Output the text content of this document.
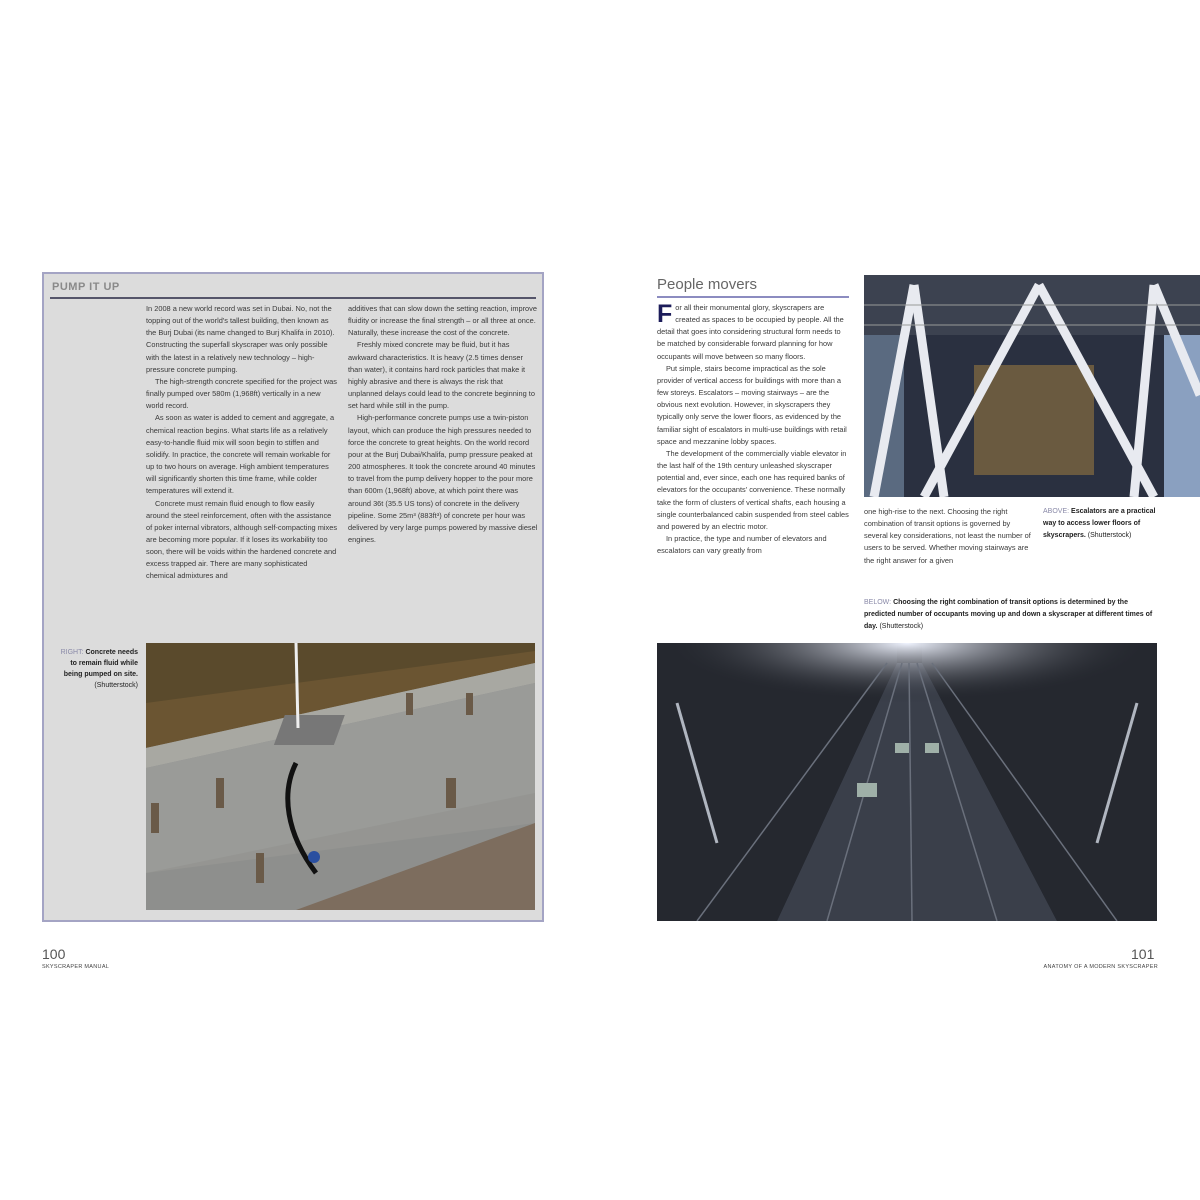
PUMP IT UP

In 2008 a new world record was set in Dubai. No, not the topping out of the world's tallest building, then known as the Burj Dubai (its name changed to Burj Khalifa in 2010). Constructing the superfall skyscraper was only possible with the latest in a relatively new technology – high-pressure concrete pumping.

The high-strength concrete specified for the project was finally pumped over 580m (1,968ft) vertically in a new world record.

As soon as water is added to cement and aggregate, a chemical reaction begins. What starts life as a relatively easy-to-handle fluid mix will soon begin to stiffen and solidify. In practice, the concrete will remain workable for up to two hours on average. High ambient temperatures will significantly shorten this time frame, while colder temperatures will extend it.

Concrete must remain fluid enough to flow easily around the steel reinforcement, often with the assistance of poker internal vibrators, although self-compacting mixes are becoming more popular. If it loses its workability too soon, there will be voids within the hardened concrete and excess trapped air. There are many sophisticated chemical admixtures and

additives that can slow down the setting reaction, improve fluidity or increase the final strength – or all three at once. Naturally, these increase the cost of the concrete.

Freshly mixed concrete may be fluid, but it has awkward characteristics. It is heavy (2.5 times denser than water), it contains hard rock particles that make it highly abrasive and there is always the risk that unplanned delays could lead to the concrete beginning to set hard while still in the pump.

High-performance concrete pumps use a twin-piston layout, which can produce the high pressures needed to force the concrete to great heights. On the world record pour at the Burj Dubai/Khalifa, pump pressure peaked at 200 atmospheres. It took the concrete around 40 minutes to travel from the pump delivery hopper to the pour more than 600m (1,968ft) above, at which point there was around 36t (35.5 US tons) of concrete in the delivery pipeline. Some 25m³ (883ft³) of concrete per hour was delivered by very large pumps powered by massive diesel engines.

RIGHT: Concrete needs to remain fluid while being pumped on site. (Shutterstock)
People movers

For all their monumental glory, skyscrapers are created as spaces to be occupied by people. All the detail that goes into considering structural form needs to be matched by considerable forward planning for how occupants will move between so many floors.

Put simple, stairs become impractical as the sole provider of vertical access for buildings with more than a few storeys. Escalators – moving stairways – are the obvious next evolution. However, in skyscrapers they typically only serve the lower floors, as evidenced by the familiar sight of escalators in multi-use buildings with retail space and mezzanine lobby spaces.

The development of the commercially viable elevator in the last half of the 19th century unleashed skyscraper potential and, ever since, each one has required banks of elevators for the occupants' convenience. These normally take the form of clusters of vertical shafts, each housing a single counterbalanced cabin suspended from steel cables and powered by an electric motor.

In practice, the type and number of elevators and escalators can vary greatly from

one high-rise to the next. Choosing the right combination of transit options is governed by several key considerations, not least the number of users to be served. Whether moving stairways are the right answer for a given

ABOVE: Escalators are a practical way to access lower floors of skyscrapers. (Shutterstock)
BELOW: Choosing the right combination of transit options is determined by the predicted number of occupants moving up and down a skyscraper at different times of day. (Shutterstock)
100
SKYSCRAPER MANUAL
101
ANATOMY OF A MODERN SKYSCRAPER
